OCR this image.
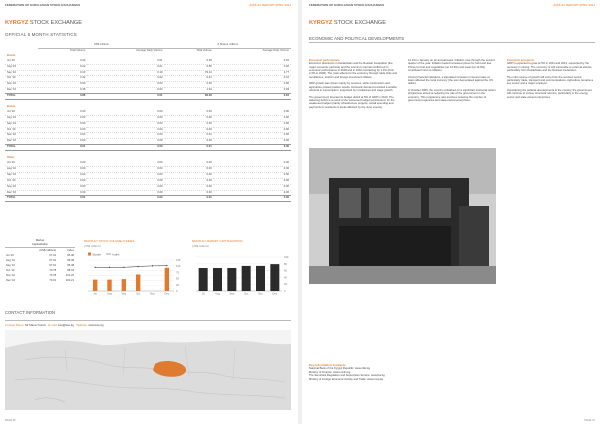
FEDERATION OF EURO-ASIAN STOCK EXCHANGES	ANNUAL REPORT APRIL 2011
KYRGYZ STOCK EXCHANGE
OFFICIAL 6 MONTH STATISTICS
	US$ millions		# Shares millions	
	Total Volume	Average Daily Volume	Total Volume	Average Daily Volume
Bonds				
Jul '10	0.22	0.01	0.45	0.01
Aug '10	0.22	0.01	0.55	0.02
Sep '10	0.23	0.10	79.13	3.77
Oct '10	0.32	0.02	0.41	0.01
Nov '10	0.00	0.00	0.00	0.00
Dec '10	0.45	0.02	1.94	0.03
TOTAL	0.86	0.01	82.48	0.64

Bonds				
Jul '10	0.00	0.00	0.00	0.00
Aug '10	0.00	0.00	0.00	0.00
Sep '10	0.00	0.00	0.00	0.00
Oct '10	0.00	0.00	0.00	0.00
Nov '10	0.00	0.00	0.01	0.00
Dec '10	0.00	0.00	0.00	0.00
TOTAL	0.01	0.00	0.01	0.00

Other				
Jul '10	0.00	0.00	0.00	0.00
Aug '10	0.00	0.00	0.00	0.00
Sep '10	0.00	0.00	0.00	0.00
Oct '10	0.00	0.00	0.00	0.00
Nov '10	0.00	0.00	0.00	0.00
Dec '10	0.00	0.00	0.00	0.00
TOTAL	0.01	0.00	0.01	0.00

Market
Capitalization
	(US$ millions)	Index
Jul '10	67.61	95.48
Aug '10	67.61	95.48
Sep '10	67.61	95.48
Oct '10	73.78	98.34
Nov '10	73.78	101.34
Dec '10	79.01	102.21
MONTHLY STOCK VOLUME/ # INDEX
(US$ millions)
Stocks	Index
125
100
75
50
25
0
Jul	Aug	Sep	Oct	Nov	Dec
MONTHLY MARKET CAPITALIZATION
(US$ millions)
100
80
60
40
20
0
Jul	Aug	Sep	Oct	Nov	Dec
CONTACT INFORMATION
Contact Name: Mr Marat Yusiov E-mail: kse@kse.kg Website: www.kse.kg
PAGE 36
FEDERATION OF EURO-ASIAN STOCK EXCHANGES	ANNUAL REPORT APRIL 2011
KYRGYZ STOCK EXCHANGE
ECONOMIC AND POLITICAL DEVELOPMENTS

Economic performance
Economic downturns in Kazakhstan and the Russian Federation (the major economic partners) and the country's internal conflict led to economic performance in 2009 and in 2010 contracting by 1.4% (from 2.3% in 2009). The main effects for the economy through trade links and remittances, tourism and foreign investment inflows.

GDP growth was driven mainly by services, while construction and agriculture posted positive results. Domestic demand recorded a sizable rebound in consumption, supported by remittances and wage growth.

The government forecast its budget deficit at 5% of GDP in 2010. The widening deficit is a result of the worsened budget performance for the weakened budget (mainly infrastructure projects, social spending and payments to residents of areas affected by the June events).

14.4% in January on an annual basis. Inflation rose through the second quarter of the year. Inflation fueled increased prices for food and fuel. Prices for fruit and vegetables (up 13.9%) and meat (up 14.9%) contributed most to inflation.

Among financial indicators, a stipulated increase in interest rates on loans affected the local currency (the som depreciated against the US dollar).

In October 2009, the country embarked on a significant structural reform programme aimed at reducing the role of the government in the economy. This programme also involves reducing the number of government agencies and state-owned enterprises.

Economic prospects
GDP is expected to grow at 5% in 2011 and 2012, supported by the recovery in mining. The economy is still vulnerable to external shocks, particularly from Kazakhstan and the Russian Federation.

The main source of growth will come from the services sector, particularly trade, transport and communications. Agriculture remains a key sector and a major employer.

Considering the political developments in the country, the government will continue to pursue structural reforms, particularly in the energy sector and state-owned enterprises.

Key Information Contacts
National Bank of the Kyrgyz Republic: www.nbkr.kg
Ministry of Finance: www.minfin.kg
The Securities Regulation and Supervision Service: www.fsa.kg
Ministry of Foreign Economic Activity and Trade: www.mvtp.kg
PAGE 37
